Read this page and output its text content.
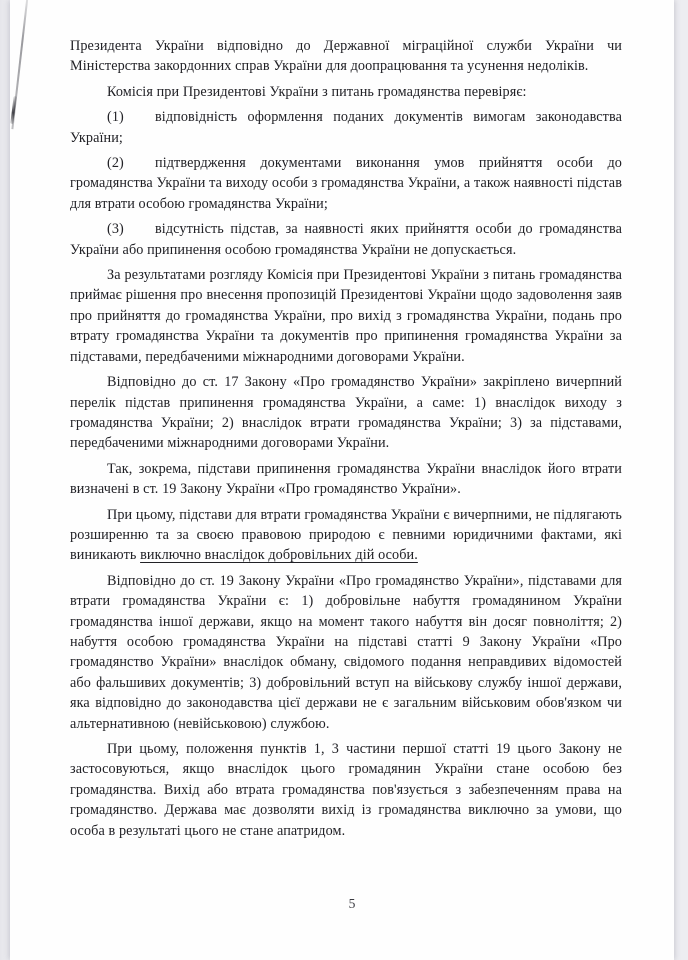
Президента України відповідно до Державної міграційної служби України чи Міністерства закордонних справ України для доопрацювання та усунення недоліків.

Комісія при Президентові України з питань громадянства перевіряє:

(1) відповідність оформлення поданих документів вимогам законодавства України;

(2) підтвердження документами виконання умов прийняття особи до громадянства України та виходу особи з громадянства України, а також наявності підстав для втрати особою громадянства України;

(3) відсутність підстав, за наявності яких прийняття особи до громадянства України або припинення особою громадянства України не допускається.

За результатами розгляду Комісія при Президентові України з питань громадянства приймає рішення про внесення пропозицій Президентові України щодо задоволення заяв про прийняття до громадянства України, про вихід з громадянства України, подань про втрату громадянства України та документів про припинення громадянства України за підставами, передбаченими міжнародними договорами України.

Відповідно до ст. 17 Закону «Про громадянство України» закріплено вичерпний перелік підстав припинення громадянства України, а саме: 1) внаслідок виходу з громадянства України; 2) внаслідок втрати громадянства України; 3) за підставами, передбаченими міжнародними договорами України.

Так, зокрема, підстави припинення громадянства України внаслідок його втрати визначені в ст. 19 Закону України «Про громадянство України».

При цьому, підстави для втрати громадянства України є вичерпними, не підлягають розширенню та за своєю правовою природою є певними юридичними фактами, які виникають виключно внаслідок добровільних дій особи.

Відповідно до ст. 19 Закону України «Про громадянство України», підставами для втрати громадянства України є: 1) добровільне набуття громадянином України громадянства іншої держави, якщо на момент такого набуття він досяг повноліття; 2) набуття особою громадянства України на підставі статті 9 Закону України «Про громадянство України» внаслідок обману, свідомого подання неправдивих відомостей або фальшивих документів; 3) добровільний вступ на військову службу іншої держави, яка відповідно до законодавства цієї держави не є загальним військовим обов'язком чи альтернативною (невійськовою) службою.

При цьому, положення пунктів 1, 3 частини першої статті 19 цього Закону не застосовуються, якщо внаслідок цього громадянин України стане особою без громадянства. Вихід або втрата громадянства пов'язується з забезпеченням права на громадянство. Держава має дозволяти вихід із громадянства виключно за умови, що особа в результаті цього не стане апатридом.

5
